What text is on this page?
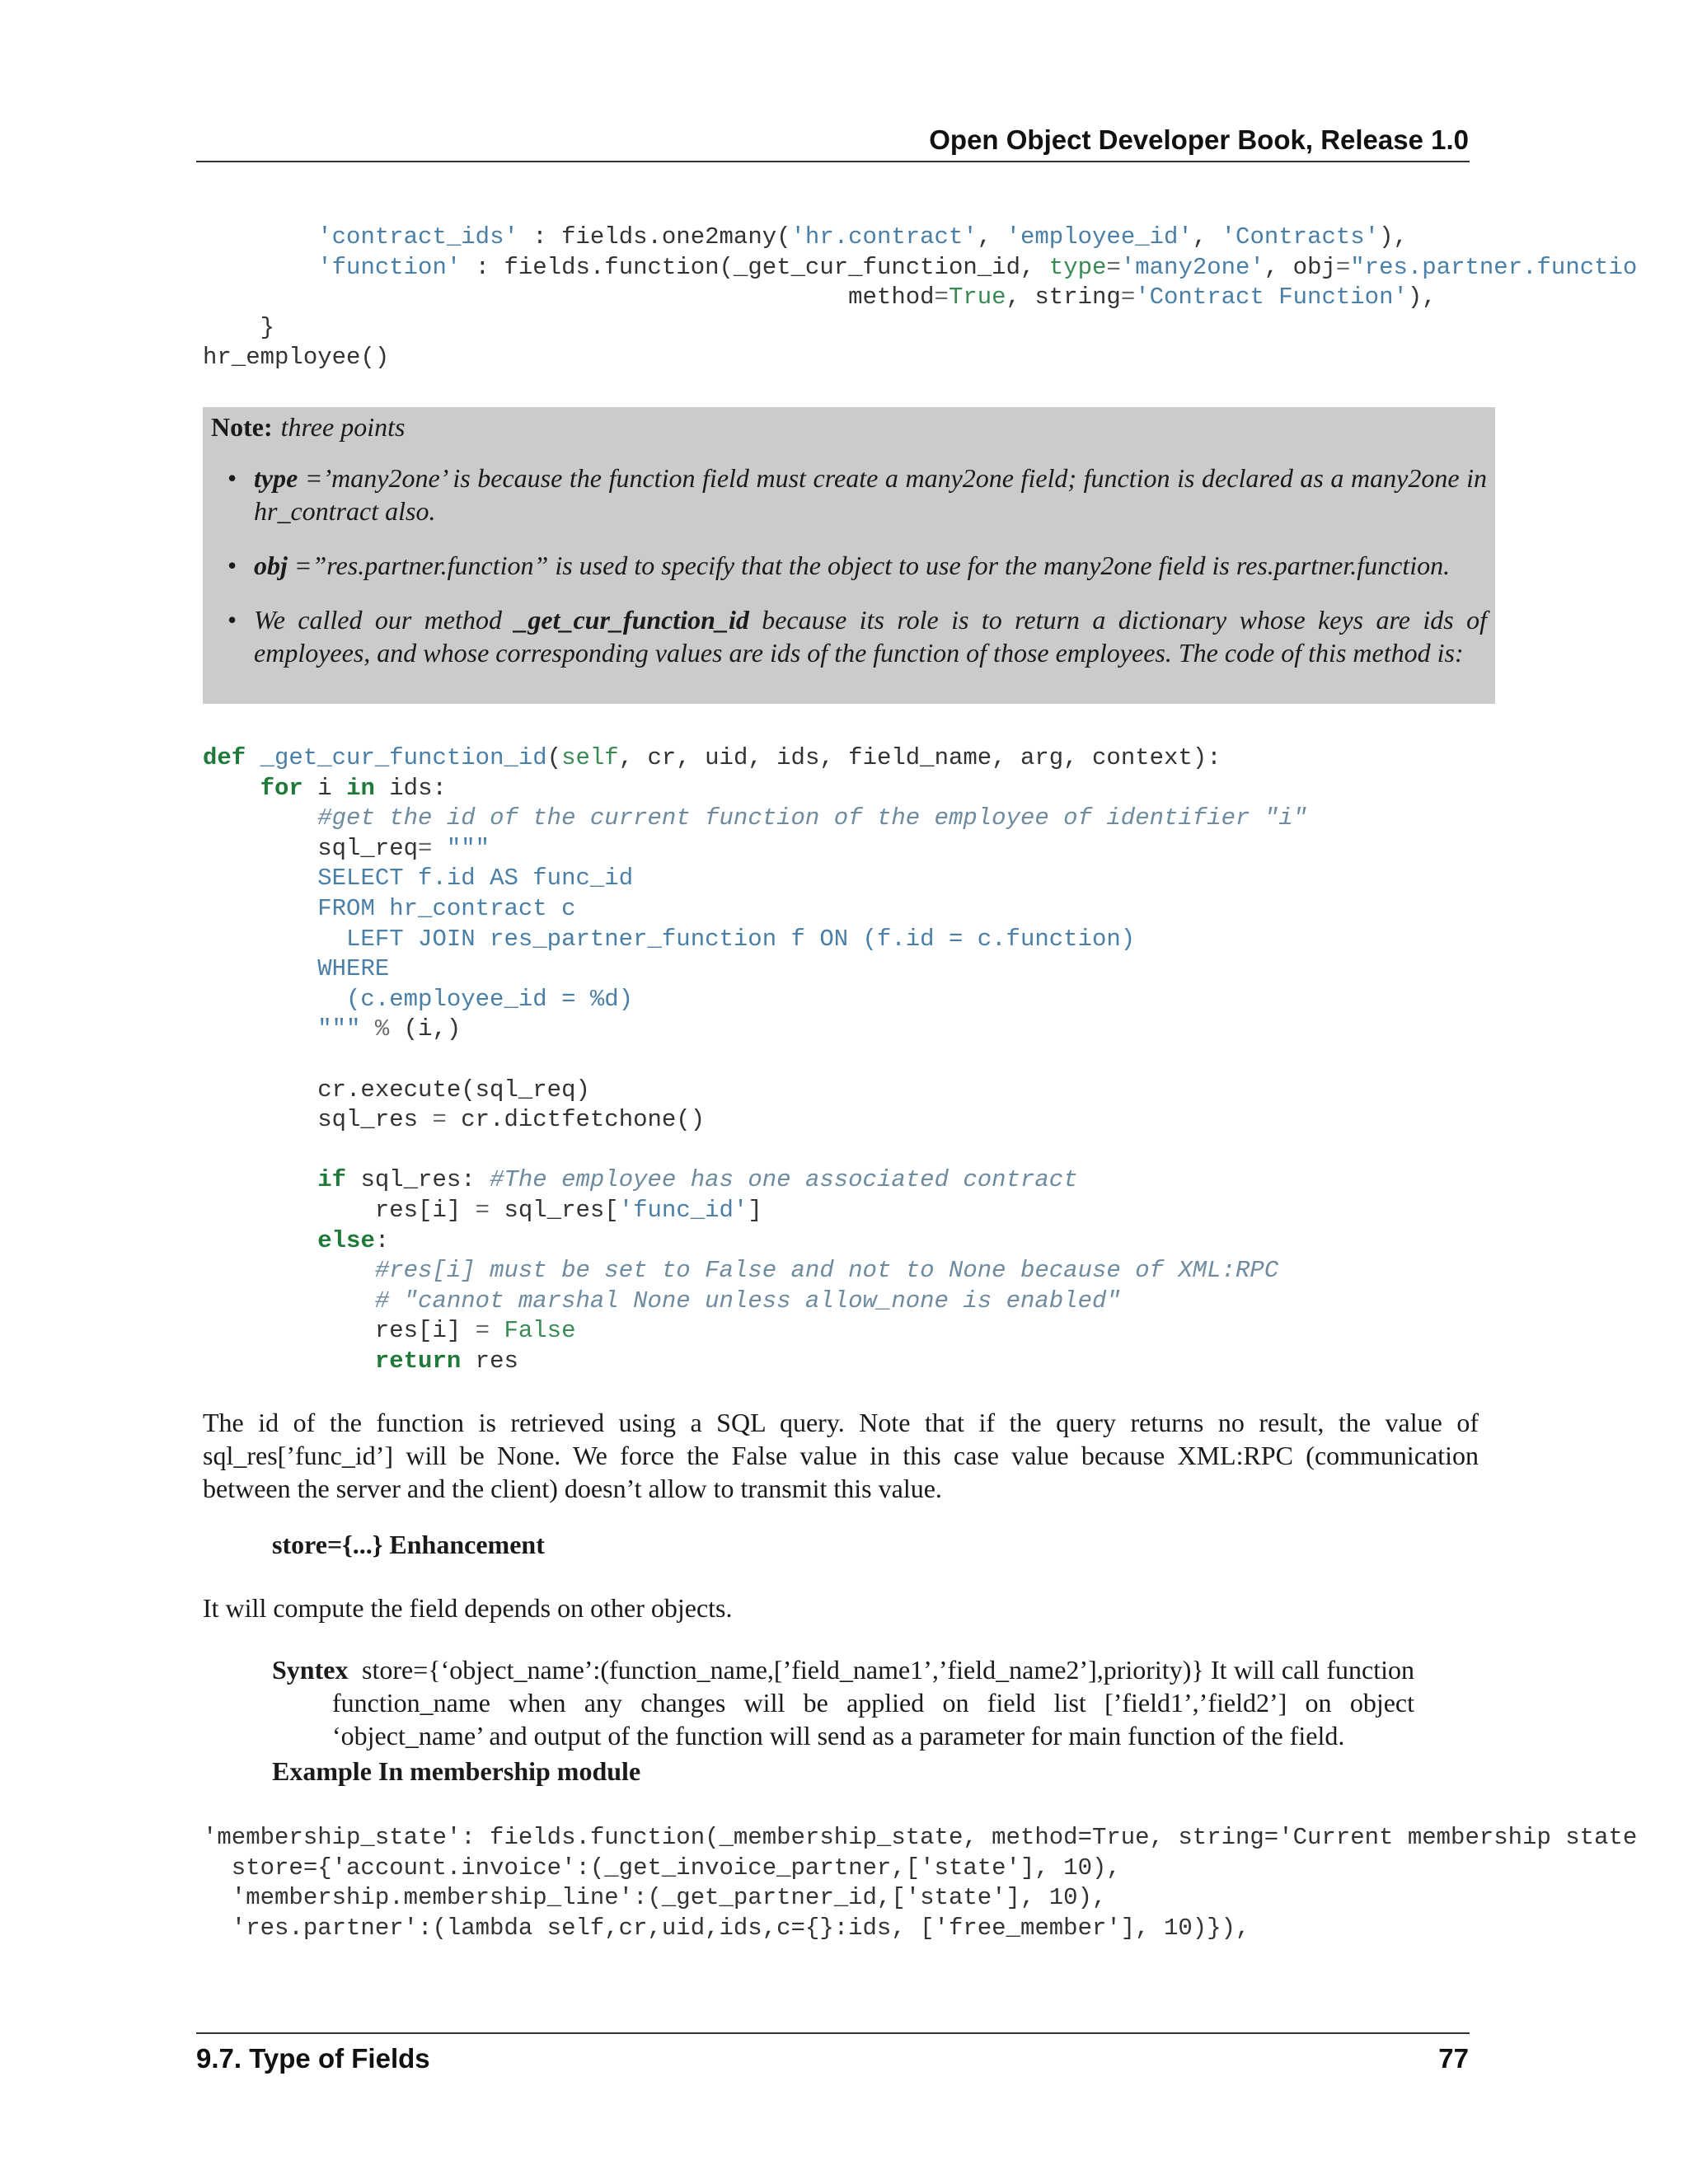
Open Object Developer Book, Release 1.0
'contract_ids' : fields.one2many('hr.contract', 'employee_id', 'Contracts'),
'function' : fields.function(_get_cur_function_id, type='many2one', obj="res.partner.functio
method=True, string='Contract Function'),
}
hr_employee()
Note: three points
• type =’many2one’ is because the function field must create a many2one field; function is declared as a many2one in hr_contract also.
• obj =”res.partner.function” is used to specify that the object to use for the many2one field is res.partner.function.
• We called our method _get_cur_function_id because its role is to return a dictionary whose keys are ids of employees, and whose corresponding values are ids of the function of those employees. The code of this method is:
def _get_cur_function_id(self, cr, uid, ids, field_name, arg, context):
for i in ids:
#get the id of the current function of the employee of identifier "i"
sql_req= """
SELECT f.id AS func_id
FROM hr_contract c
LEFT JOIN res_partner_function f ON (f.id = c.function)
WHERE
(c.employee_id = %d)
""" % (i,)

cr.execute(sql_req)
sql_res = cr.dictfetchone()

if sql_res: #The employee has one associated contract
res[i] = sql_res['func_id']
else:
#res[i] must be set to False and not to None because of XML:RPC
# "cannot marshal None unless allow_none is enabled"
res[i] = False
return res

The id of the function is retrieved using a SQL query. Note that if the query returns no result, the value of sql_res[’func_id’] will be None. We force the False value in this case value because XML:RPC (communication between the server and the client) doesn’t allow to transmit this value.

store={...} Enhancement

It will compute the field depends on other objects.

Syntex store={‘object_name’:(function_name,[’field_name1’,’field_name2’],priority)} It will call function function_name when any changes will be applied on field list [’field1’,’field2’] on object ‘object_name’ and output of the function will send as a parameter for main function of the field.
Example In membership module
'membership_state': fields.function(_membership_state, method=True, string='Current membership state
store={'account.invoice':(_get_invoice_partner,['state'], 10),
'membership.membership_line':(_get_partner_id,['state'], 10),
'res.partner':(lambda self,cr,uid,ids,c={}:ids, ['free_member'], 10)}),
9.7. Type of Fields	77
